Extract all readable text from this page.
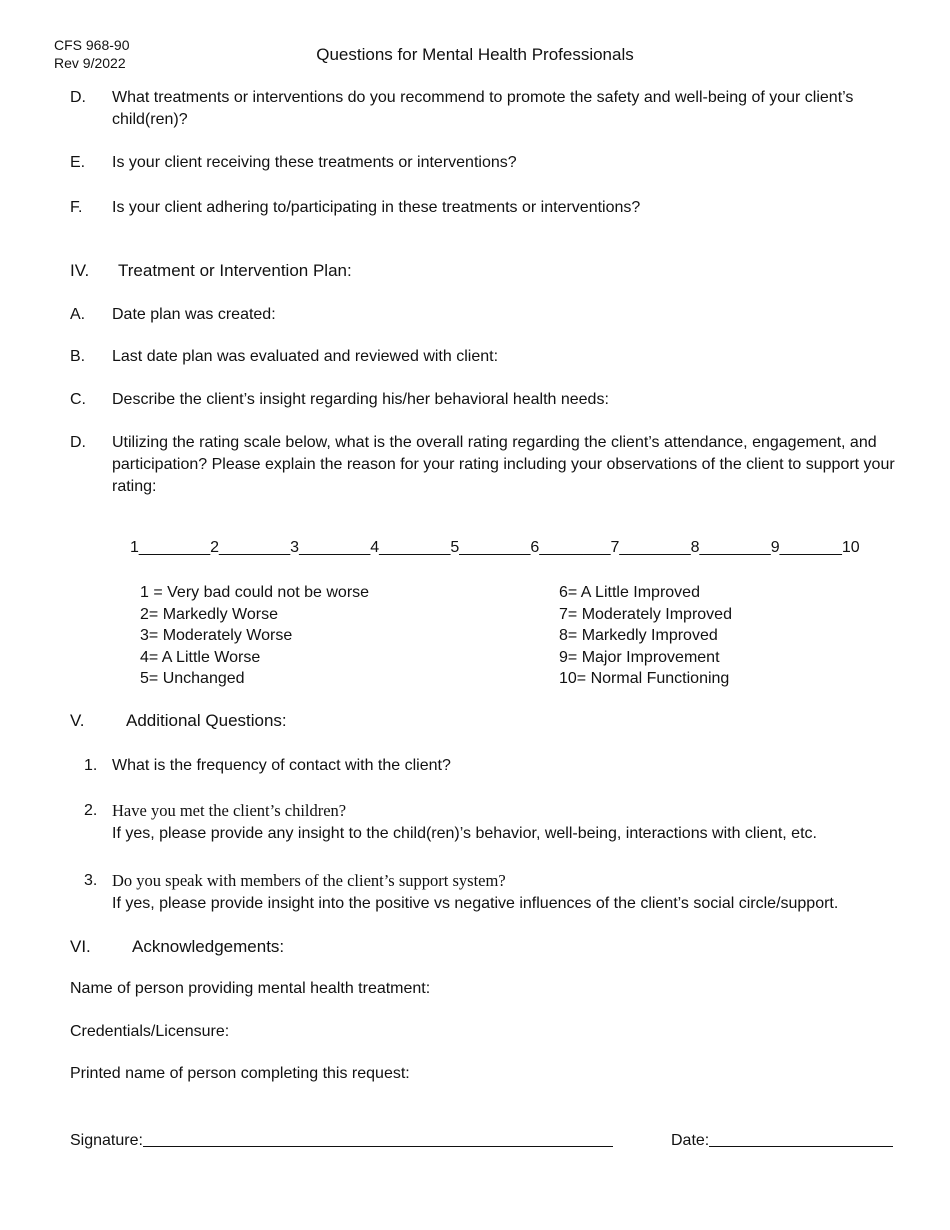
CFS 968-90
Rev 9/2022	Questions for Mental Health Professionals
D. What treatments or interventions do you recommend to promote the safety and well-being of your client’s child(ren)?
E. Is your client receiving these treatments or interventions?
F. Is your client adhering to/participating in these treatments or interventions?
IV. Treatment or Intervention Plan:
A. Date plan was created:
B. Last date plan was evaluated and reviewed with client:
C. Describe the client’s insight regarding his/her behavioral health needs:
D. Utilizing the rating scale below, what is the overall rating regarding the client’s attendance, engagement, and participation? Please explain the reason for your rating including your observations of the client to support your rating:
1________2________3________4________5________6________7________8________9_______10
1 = Very bad could not be worse
2= Markedly Worse
3= Moderately Worse
4= A Little Worse
5= Unchanged
6= A Little Improved
7= Moderately Improved
8= Markedly Improved
9= Major Improvement
10= Normal Functioning
V. Additional Questions:
1. What is the frequency of contact with the client?
2. Have you met the client’s children?
If yes, please provide any insight to the child(ren)’s behavior, well-being, interactions with client, etc.
3. Do you speak with members of the client’s support system?
If yes, please provide insight into the positive vs negative influences of the client’s social circle/support.
VI. Acknowledgements:
Name of person providing mental health treatment:
Credentials/Licensure:
Printed name of person completing this request:
Signature:	Date:
